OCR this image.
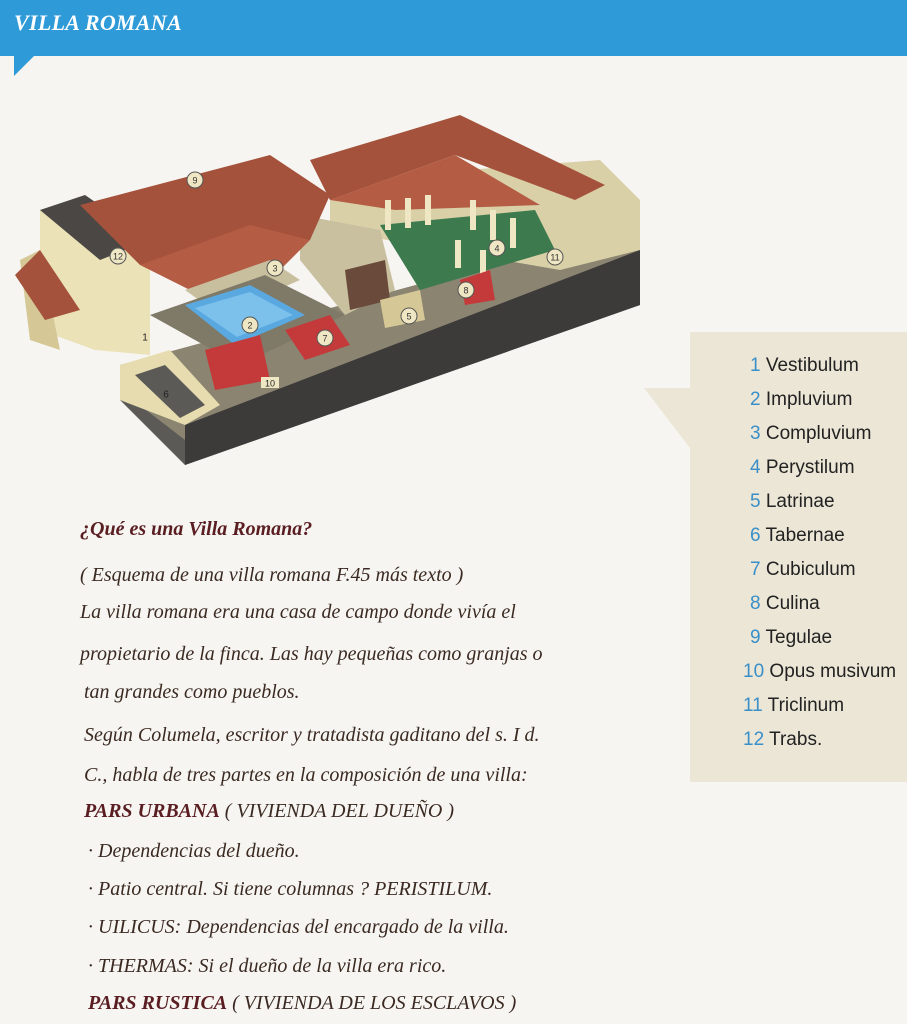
VILLA ROMANA
9
12
3
2
4
11
8
5
7
1
6
10
1 Vestibulum
2 Impluvium
3 Compluvium
4 Perystilum
5 Latrinae
6 Tabernae
7 Cubiculum
8 Culina
9 Tegulae
10 Opus musivum
11 Triclinum
12 Trabs.
¿Qué es una Villa Romana?
( Esquema de una villa romana F.45 más texto )
La villa romana era una casa de campo donde vivía el
propietario de la finca. Las hay pequeñas como granjas o
tan grandes como pueblos.
Según Columela, escritor y tratadista gaditano del s. I d.
C., habla de tres partes en la composición de una villa:
PARS URBANA ( VIVIENDA DEL DUEÑO )
· Dependencias del dueño.
· Patio central. Si tiene columnas ? PERISTILUM.
· UILICUS: Dependencias del encargado de la villa.
· THERMAS: Si el dueño de la villa era rico.
PARS RUSTICA ( VIVIENDA DE LOS ESCLAVOS )
